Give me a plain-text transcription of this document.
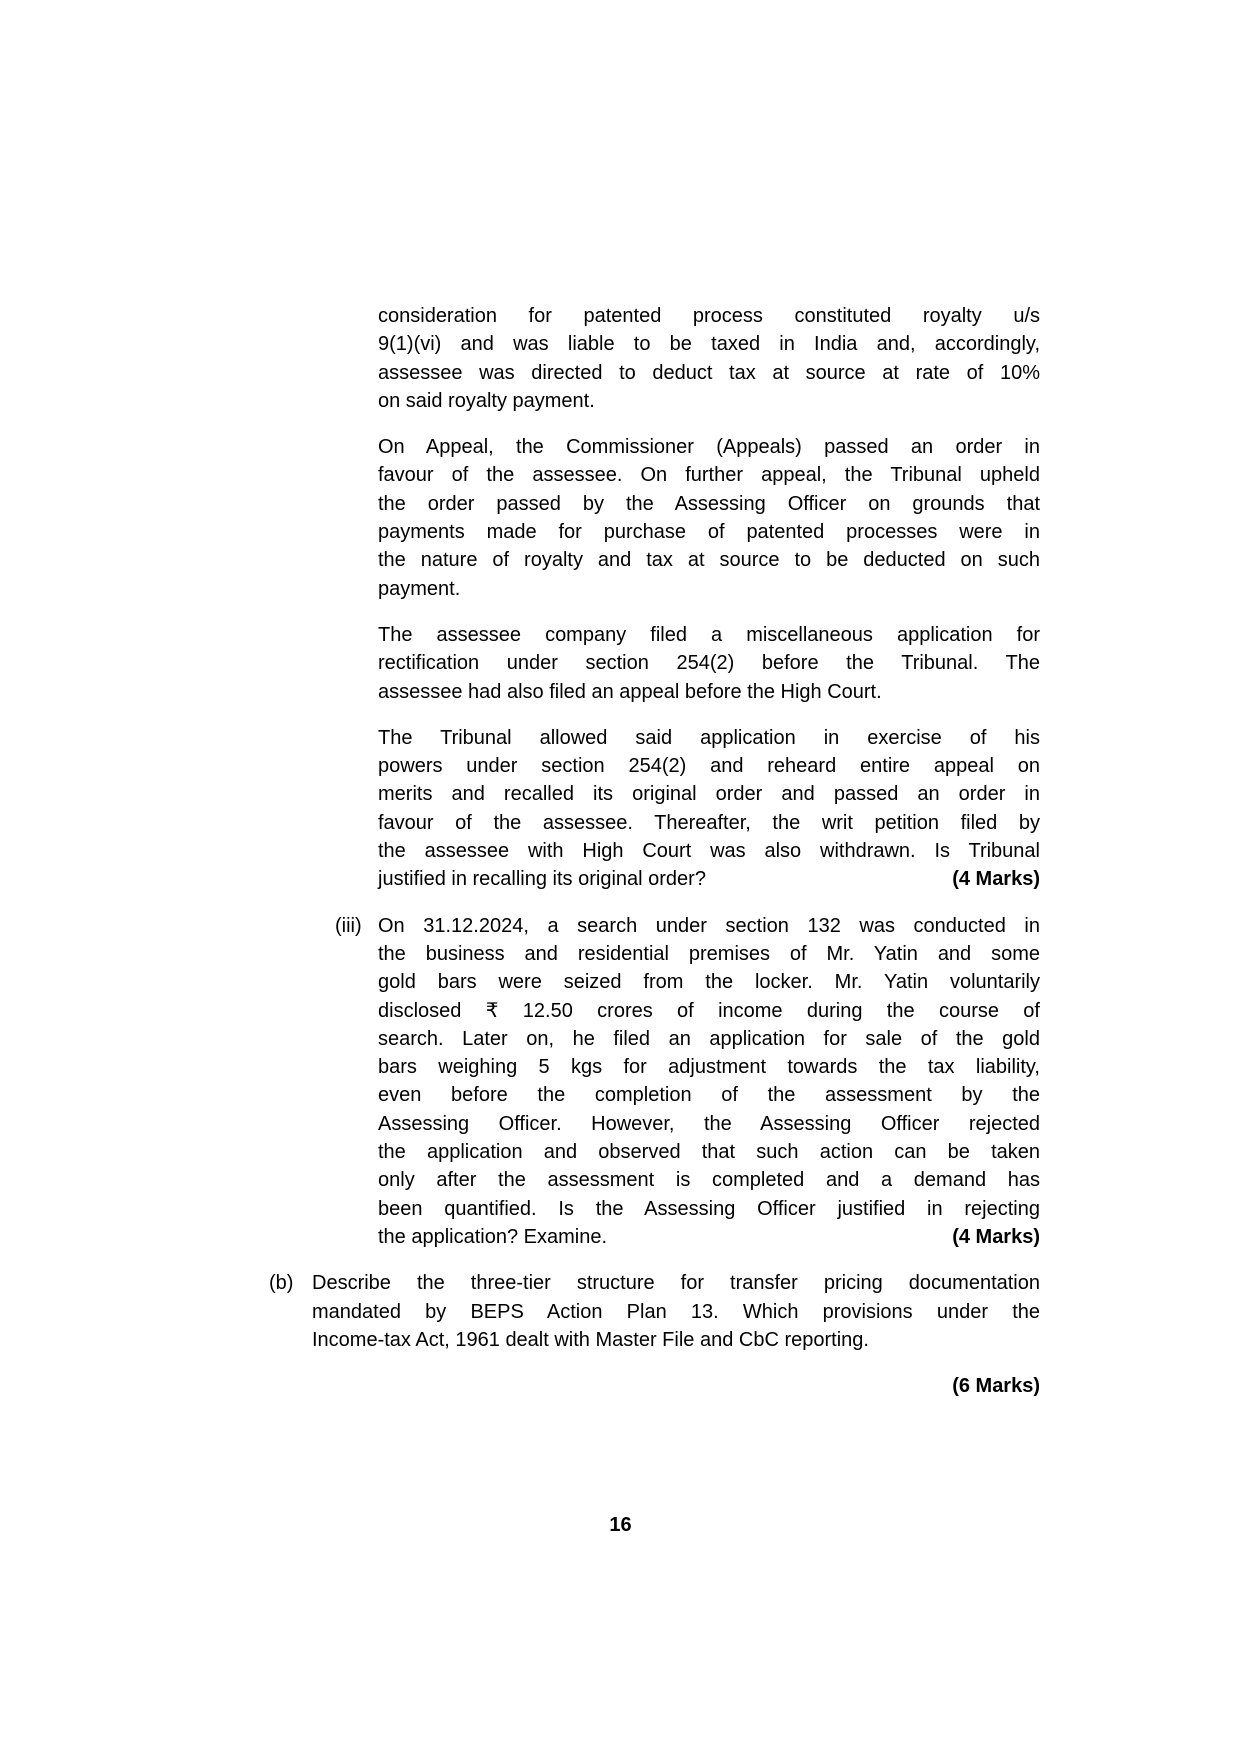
consideration for patented process constituted royalty u/s
9(1)(vi) and was liable to be taxed in India and, accordingly,
assessee was directed to deduct tax at source at rate of 10%
on said royalty payment.
On Appeal, the Commissioner (Appeals) passed an order in
favour of the assessee. On further appeal, the Tribunal upheld
the order passed by the Assessing Officer on grounds that
payments made for purchase of patented processes were in
the nature of royalty and tax at source to be deducted on such
payment.
The assessee company filed a miscellaneous application for
rectification under section 254(2) before the Tribunal. The
assessee had also filed an appeal before the High Court.
The Tribunal allowed said application in exercise of his
powers under section 254(2) and reheard entire appeal on
merits and recalled its original order and passed an order in
favour of the assessee. Thereafter, the writ petition filed by
the assessee with High Court was also withdrawn. Is Tribunal
justified in recalling its original order?	(4 Marks)
(iii) On 31.12.2024, a search under section 132 was conducted in
the business and residential premises of Mr. Yatin and some
gold bars were seized from the locker. Mr. Yatin voluntarily
disclosed ₹ 12.50 crores of income during the course of
search. Later on, he filed an application for sale of the gold
bars weighing 5 kgs for adjustment towards the tax liability,
even before the completion of the assessment by the
Assessing Officer. However, the Assessing Officer rejected
the application and observed that such action can be taken
only after the assessment is completed and a demand has
been quantified. Is the Assessing Officer justified in rejecting
the application? Examine.	(4 Marks)
(b) Describe the three-tier structure for transfer pricing documentation
mandated by BEPS Action Plan 13. Which provisions under the
Income-tax Act, 1961 dealt with Master File and CbC reporting.
(6 Marks)
16
